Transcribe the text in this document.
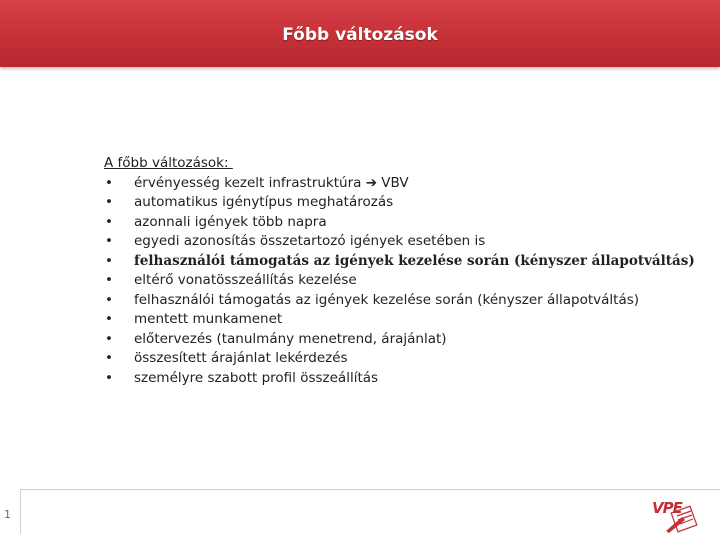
Főbb változások
A főbb változások:
• érvényesség kezelt infrastruktúra ➔ VBV
• automatikus igénytípus meghatározás
• azonnali igények több napra
• egyedi azonosítás összetartozó igények esetében is
• felhasználói támogatás az igények kezelése során (kényszer állapotváltás)
• eltérő vonatösszeállítás kezelése
• felhasználói támogatás az igények kezelése során (kényszer állapotváltás)
• mentett munkamenet
• előtervezés (tanulmány menetrend, árajánlat)
• összesített árajánlat lekérdezés
• személyre szabott profil összeállítás
1	VPE
